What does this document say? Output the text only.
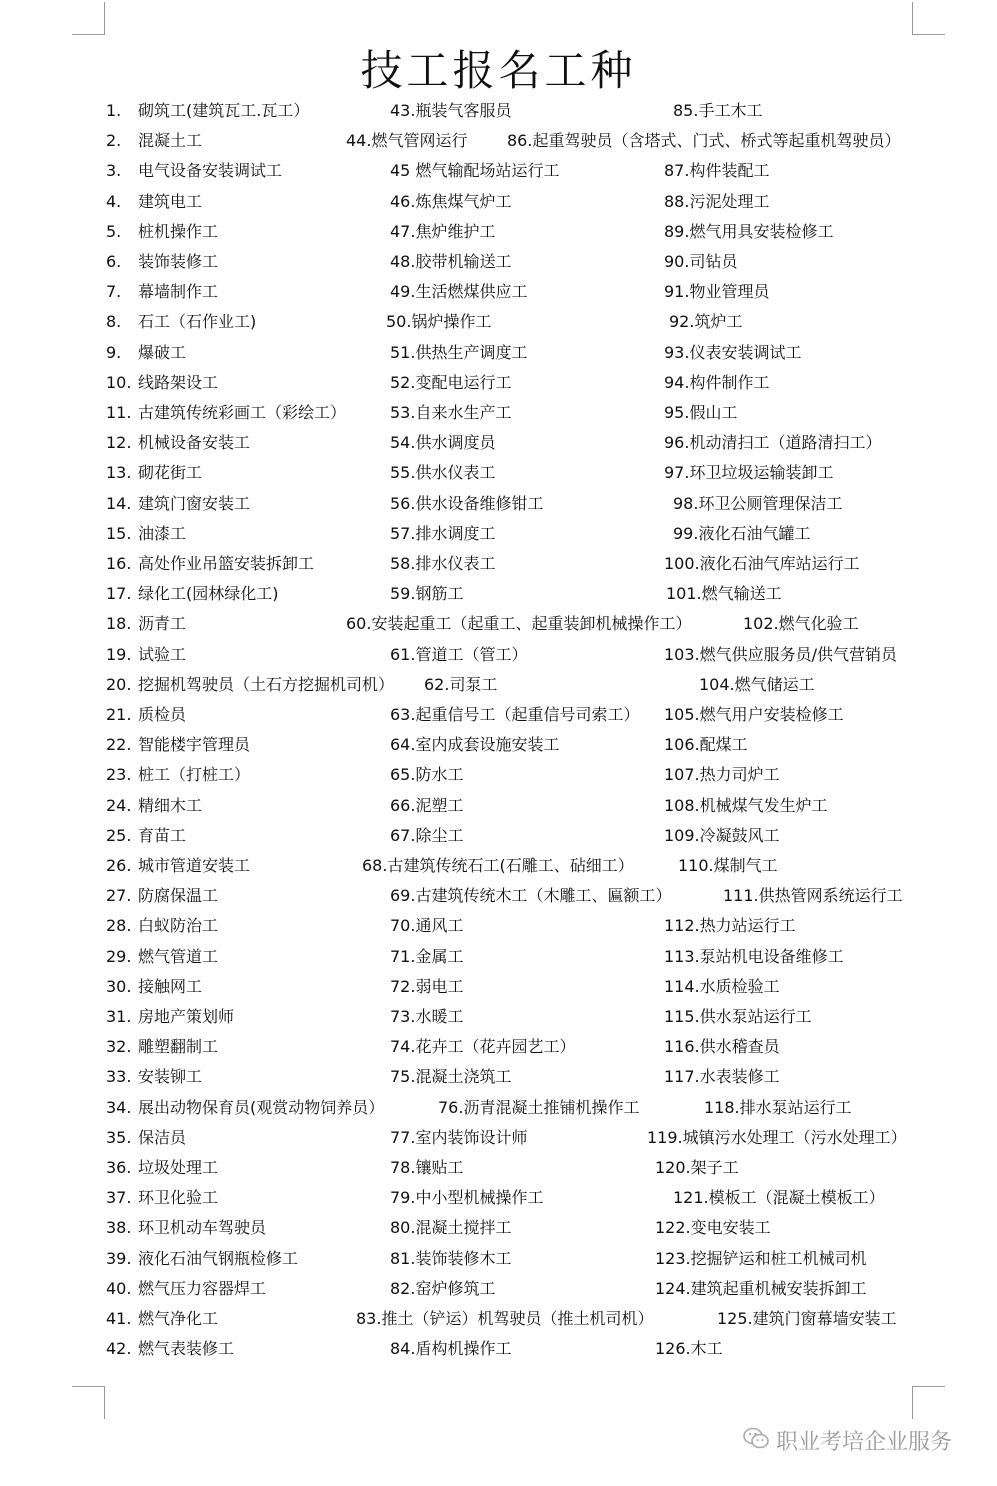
技工报名工种
1. 砌筑工(建筑瓦工.瓦工）	43.瓶装气客服员	85.手工木工
2. 混凝土工	44.燃气管网运行 86.起重驾驶员（含塔式、门式、桥式等起重机驾驶员）
3. 电气设备安装调试工	45 燃气输配场站运行工	87.构件装配工
4. 建筑电工	46.炼焦煤气炉工	88.污泥处理工
5. 桩机操作工	47.焦炉维护工	89.燃气用具安装检修工
6. 装饰装修工	48.胶带机输送工	90.司钻员
7. 幕墙制作工	49.生活燃煤供应工	91.物业管理员
8. 石工（石作业工)	50.锅炉操作工	92.筑炉工
9. 爆破工	51.供热生产调度工	93.仪表安装调试工
10. 线路架设工	52.变配电运行工	94.构件制作工
11. 古建筑传统彩画工（彩绘工）	53.自来水生产工	95.假山工
12. 机械设备安装工	54.供水调度员	96.机动清扫工（道路清扫工）
13. 砌花街工	55.供水仪表工	97.环卫垃圾运输装卸工
14. 建筑门窗安装工	56.供水设备维修钳工	98.环卫公厕管理保洁工
15. 油漆工	57.排水调度工	99.液化石油气罐工
16. 高处作业吊篮安装拆卸工	58.排水仪表工	100.液化石油气库站运行工
17. 绿化工(园林绿化工)	59.钢筋工	101.燃气输送工
18. 沥青工	60.安装起重工（起重工、起重装卸机械操作工）	102.燃气化验工
19. 试验工	61.管道工（管工）	103.燃气供应服务员/供气营销员
20. 挖掘机驾驶员（土石方挖掘机司机） 62.司泵工	104.燃气储运工
21. 质检员	63.起重信号工（起重信号司索工） 105.燃气用户安装检修工
22. 智能楼宇管理员	64.室内成套设施安装工	106.配煤工
23. 桩工（打桩工）	65.防水工	107.热力司炉工
24. 精细木工	66.泥塑工	108.机械煤气发生炉工
25. 育苗工	67.除尘工	109.冷凝鼓风工
26. 城市管道安装工	68.古建筑传统石工(石雕工、砧细工）	110.煤制气工
27. 防腐保温工	69.古建筑传统木工（木雕工、匾额工）	111.供热管网系统运行工
28. 白蚁防治工	70.通风工	112.热力站运行工
29. 燃气管道工	71.金属工	113.泵站机电设备维修工
30. 接触网工	72.弱电工	114.水质检验工
31. 房地产策划师	73.水暖工	115.供水泵站运行工
32. 雕塑翻制工	74.花卉工（花卉园艺工）	116.供水稽查员
33. 安装铆工	75.混凝土浇筑工	117.水表装修工
34. 展出动物保育员(观赏动物饲养员）	76.沥青混凝土推铺机操作工	118.排水泵站运行工
35. 保洁员	77.室内装饰设计师	119.城镇污水处理工（污水处理工）
36. 垃圾处理工	78.镶贴工	120.架子工
37. 环卫化验工	79.中小型机械操作工	121.模板工（混凝土模板工）
38. 环卫机动车驾驶员	80.混凝土搅拌工	122.变电安装工
39. 液化石油气钢瓶检修工	81.装饰装修木工	123.挖掘铲运和桩工机械司机
40. 燃气压力容器焊工	82.窑炉修筑工	124.建筑起重机械安装拆卸工
41. 燃气净化工	83.推土（铲运）机驾驶员（推土机司机）	125.建筑门窗幕墙安装工
42. 燃气表装修工	84.盾构机操作工	126.木工
职业考培企业服务
